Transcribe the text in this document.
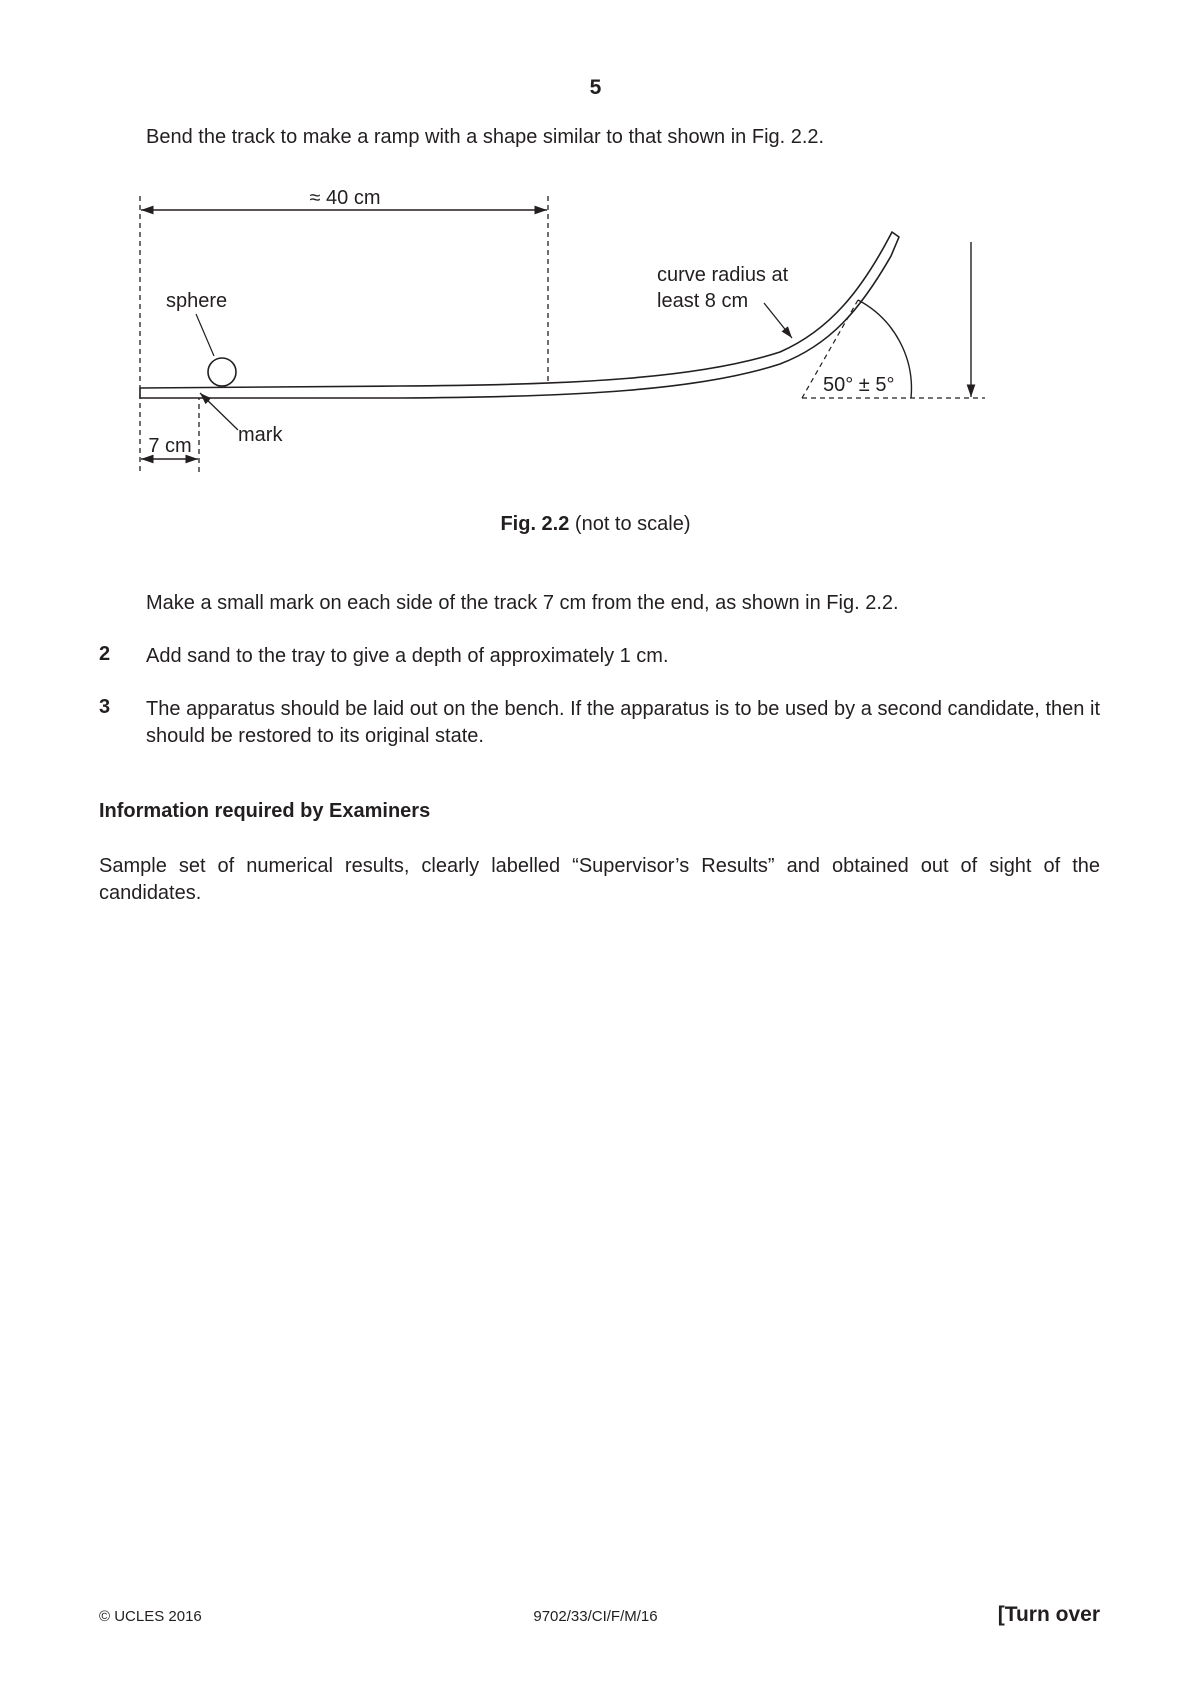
5
Bend the track to make a ramp with a shape similar to that shown in Fig. 2.2.
≈ 40 cm
sphere
mark
7 cm
curve radius at
least 8 cm
50° ± 5°
Fig. 2.2 (not to scale)
Make a small mark on each side of the track 7 cm from the end, as shown in Fig. 2.2.
2 Add sand to the tray to give a depth of approximately 1 cm.
3 The apparatus should be laid out on the bench. If the apparatus is to be used by a second candidate, then it should be restored to its original state.
Information required by Examiners
Sample set of numerical results, clearly labelled “Supervisor’s Results” and obtained out of sight of the candidates.
© UCLES 2016	9702/33/CI/F/M/16	[Turn over
